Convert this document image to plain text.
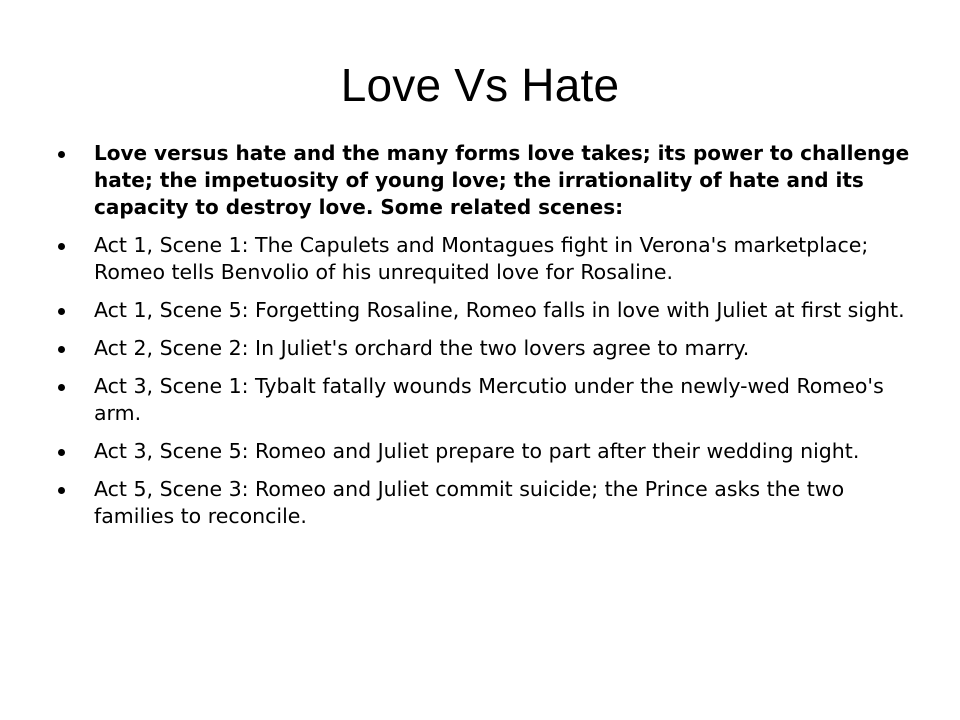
Love Vs Hate
Love versus hate and the many forms love takes; its power to challenge hate; the impetuosity of young love; the irrationality of hate and its capacity to destroy love. Some related scenes:
Act 1, Scene 1: The Capulets and Montagues fight in Verona's marketplace; Romeo tells Benvolio of his unrequited love for Rosaline.
Act 1, Scene 5: Forgetting Rosaline, Romeo falls in love with Juliet at first sight.
Act 2, Scene 2: In Juliet's orchard the two lovers agree to marry.
Act 3, Scene 1: Tybalt fatally wounds Mercutio under the newly-wed Romeo's arm.
Act 3, Scene 5: Romeo and Juliet prepare to part after their wedding night.
Act 5, Scene 3: Romeo and Juliet commit suicide; the Prince asks the two families to reconcile.
